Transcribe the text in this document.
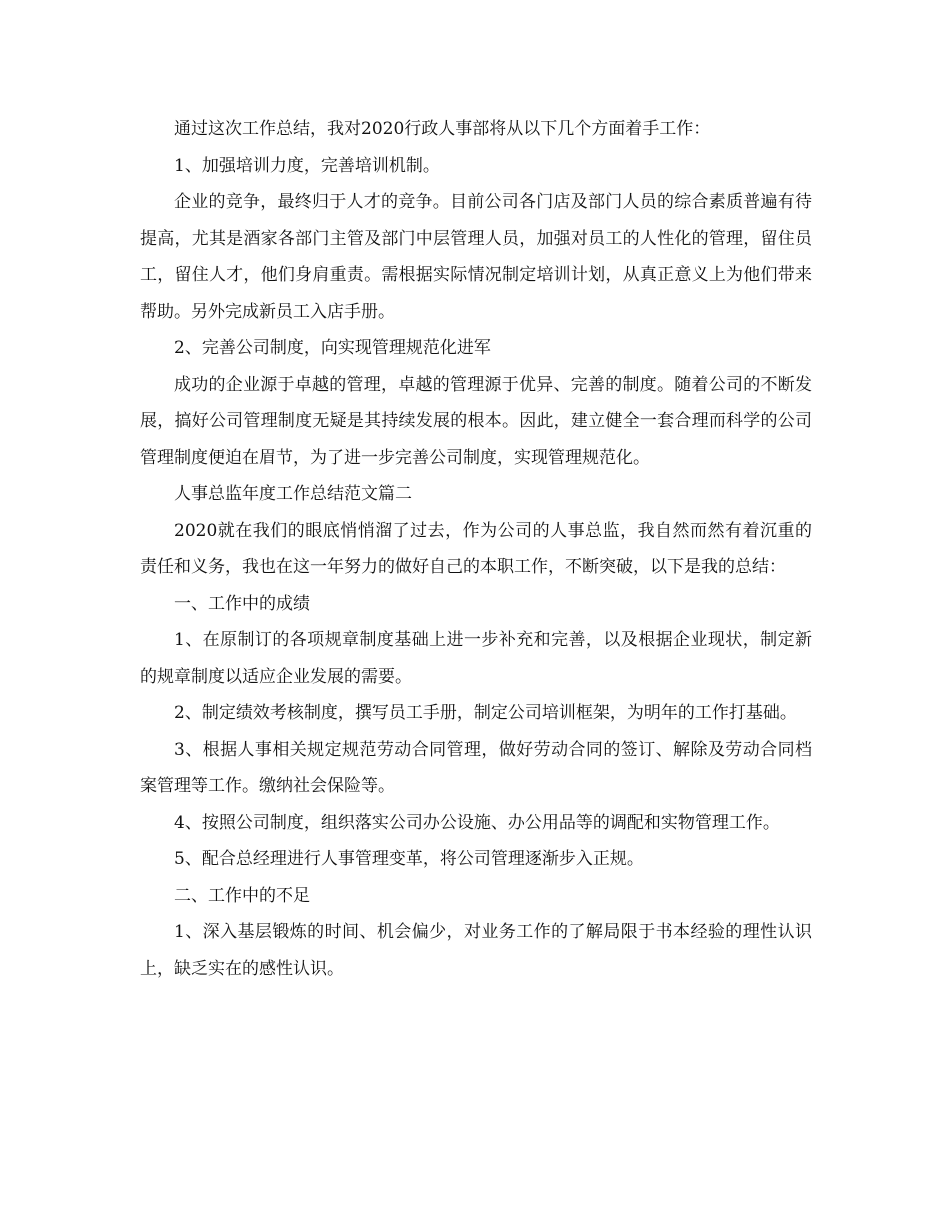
通过这次工作总结，我对2020行政人事部将从以下几个方面着手工作：

1、加强培训力度，完善培训机制。

企业的竞争，最终归于人才的竞争。目前公司各门店及部门人员的综合素质普遍有待提高，尤其是酒家各部门主管及部门中层管理人员，加强对员工的人性化的管理，留住员工，留住人才，他们身肩重责。需根据实际情况制定培训计划，从真正意义上为他们带来帮助。另外完成新员工入店手册。

2、完善公司制度，向实现管理规范化进军

成功的企业源于卓越的管理，卓越的管理源于优异、完善的制度。随着公司的不断发展，搞好公司管理制度无疑是其持续发展的根本。因此，建立健全一套合理而科学的公司管理制度便迫在眉节，为了进一步完善公司制度，实现管理规范化。

人事总监年度工作总结范文篇二

2020就在我们的眼底悄悄溜了过去，作为公司的人事总监，我自然而然有着沉重的责任和义务，我也在这一年努力的做好自己的本职工作，不断突破，以下是我的总结：

一、工作中的成绩

1、在原制订的各项规章制度基础上进一步补充和完善，以及根据企业现状，制定新的规章制度以适应企业发展的需要。

2、制定绩效考核制度，撰写员工手册，制定公司培训框架，为明年的工作打基础。

3、根据人事相关规定规范劳动合同管理，做好劳动合同的签订、解除及劳动合同档案管理等工作。缴纳社会保险等。

4、按照公司制度，组织落实公司办公设施、办公用品等的调配和实物管理工作。

5、配合总经理进行人事管理变革，将公司管理逐渐步入正规。

二、工作中的不足

1、深入基层锻炼的时间、机会偏少，对业务工作的了解局限于书本经验的理性认识上，缺乏实在的感性认识。
